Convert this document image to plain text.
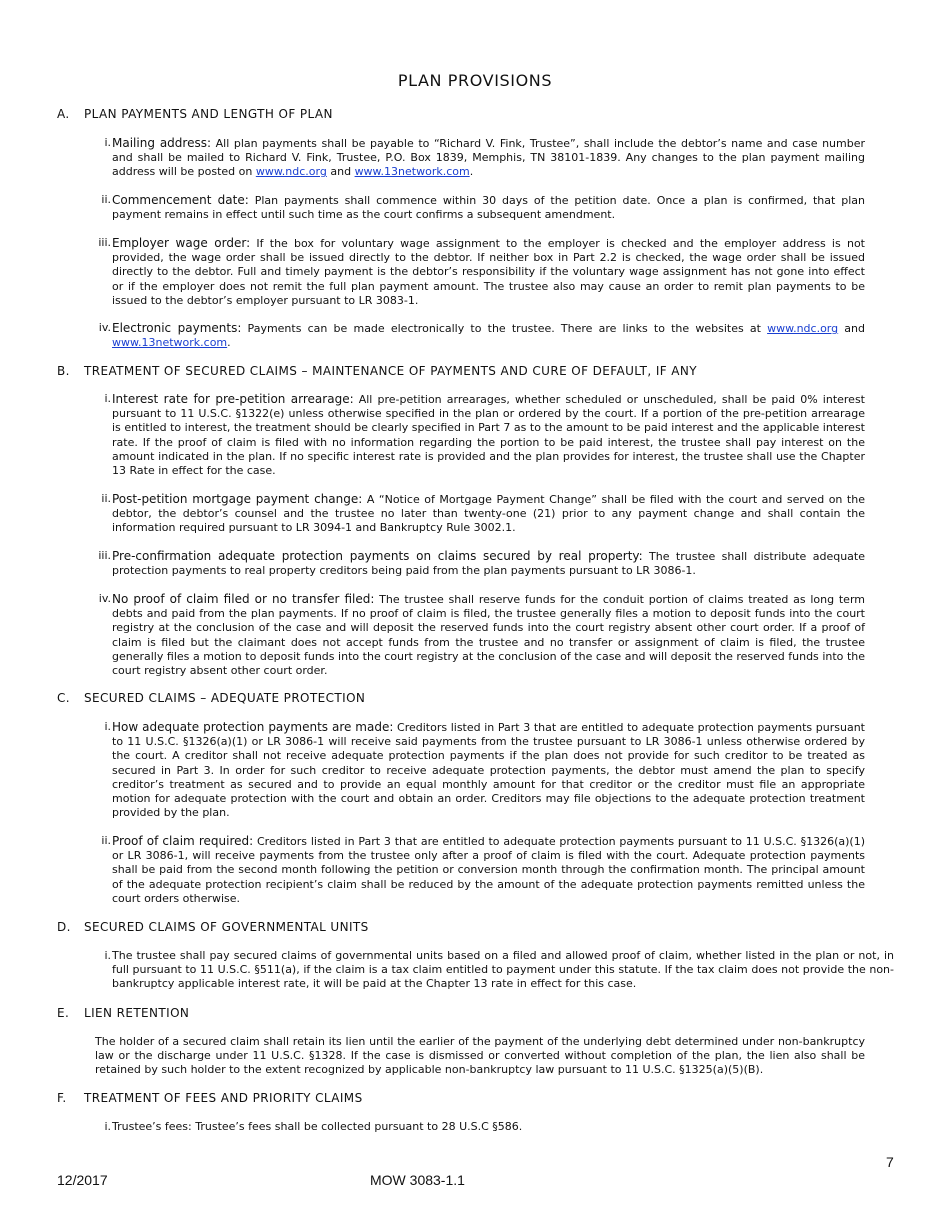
PLAN PROVISIONS
A. PLAN PAYMENTS AND LENGTH OF PLAN
i. Mailing address: All plan payments shall be payable to “Richard V. Fink, Trustee”, shall include the debtor’s name and case number and shall be mailed to Richard V. Fink, Trustee, P.O. Box 1839, Memphis, TN 38101-1839. Any changes to the plan payment mailing address will be posted on www.ndc.org and www.13network.com.
ii. Commencement date: Plan payments shall commence within 30 days of the petition date. Once a plan is confirmed, that plan payment remains in effect until such time as the court confirms a subsequent amendment.
iii. Employer wage order: If the box for voluntary wage assignment to the employer is checked and the employer address is not provided, the wage order shall be issued directly to the debtor. If neither box in Part 2.2 is checked, the wage order shall be issued directly to the debtor. Full and timely payment is the debtor’s responsibility if the voluntary wage assignment has not gone into effect or if the employer does not remit the full plan payment amount. The trustee also may cause an order to remit plan payments to be issued to the debtor’s employer pursuant to LR 3083-1.
iv. Electronic payments: Payments can be made electronically to the trustee. There are links to the websites at www.ndc.org and www.13network.com.
B. TREATMENT OF SECURED CLAIMS – MAINTENANCE OF PAYMENTS AND CURE OF DEFAULT, IF ANY
i. Interest rate for pre-petition arrearage: All pre-petition arrearages, whether scheduled or unscheduled, shall be paid 0% interest pursuant to 11 U.S.C. §1322(e) unless otherwise specified in the plan or ordered by the court. If a portion of the pre-petition arrearage is entitled to interest, the treatment should be clearly specified in Part 7 as to the amount to be paid interest and the applicable interest rate. If the proof of claim is filed with no information regarding the portion to be paid interest, the trustee shall pay interest on the amount indicated in the plan. If no specific interest rate is provided and the plan provides for interest, the trustee shall use the Chapter 13 Rate in effect for the case.
ii. Post-petition mortgage payment change: A “Notice of Mortgage Payment Change” shall be filed with the court and served on the debtor, the debtor’s counsel and the trustee no later than twenty-one (21) prior to any payment change and shall contain the information required pursuant to LR 3094-1 and Bankruptcy Rule 3002.1.
iii. Pre-confirmation adequate protection payments on claims secured by real property: The trustee shall distribute adequate protection payments to real property creditors being paid from the plan payments pursuant to LR 3086-1.
iv. No proof of claim filed or no transfer filed: The trustee shall reserve funds for the conduit portion of claims treated as long term debts and paid from the plan payments. If no proof of claim is filed, the trustee generally files a motion to deposit funds into the court registry at the conclusion of the case and will deposit the reserved funds into the court registry absent other court order. If a proof of claim is filed but the claimant does not accept funds from the trustee and no transfer or assignment of claim is filed, the trustee generally files a motion to deposit funds into the court registry at the conclusion of the case and will deposit the reserved funds into the court registry absent other court order.
C. SECURED CLAIMS – ADEQUATE PROTECTION
i. How adequate protection payments are made: Creditors listed in Part 3 that are entitled to adequate protection payments pursuant to 11 U.S.C. §1326(a)(1) or LR 3086-1 will receive said payments from the trustee pursuant to LR 3086-1 unless otherwise ordered by the court. A creditor shall not receive adequate protection payments if the plan does not provide for such creditor to be treated as secured in Part 3. In order for such creditor to receive adequate protection payments, the debtor must amend the plan to specify creditor’s treatment as secured and to provide an equal monthly amount for that creditor or the creditor must file an appropriate motion for adequate protection with the court and obtain an order. Creditors may file objections to the adequate protection treatment provided by the plan.
ii. Proof of claim required: Creditors listed in Part 3 that are entitled to adequate protection payments pursuant to 11 U.S.C. §1326(a)(1) or LR 3086-1, will receive payments from the trustee only after a proof of claim is filed with the court. Adequate protection payments shall be paid from the second month following the petition or conversion month through the confirmation month. The principal amount of the adequate protection recipient’s claim shall be reduced by the amount of the adequate protection payments remitted unless the court orders otherwise.
D. SECURED CLAIMS OF GOVERNMENTAL UNITS
i. The trustee shall pay secured claims of governmental units based on a filed and allowed proof of claim, whether listed in the plan or not, in full pursuant to 11 U.S.C. §511(a), if the claim is a tax claim entitled to payment under this statute. If the tax claim does not provide the non-bankruptcy applicable interest rate, it will be paid at the Chapter 13 rate in effect for this case.
E. LIEN RETENTION
The holder of a secured claim shall retain its lien until the earlier of the payment of the underlying debt determined under non-bankruptcy law or the discharge under 11 U.S.C. §1328. If the case is dismissed or converted without completion of the plan, the lien also shall be retained by such holder to the extent recognized by applicable non-bankruptcy law pursuant to 11 U.S.C. §1325(a)(5)(B).
F. TREATMENT OF FEES AND PRIORITY CLAIMS
i. Trustee’s fees: Trustee’s fees shall be collected pursuant to 28 U.S.C §586.
7
12/2017	MOW 3083-1.1
